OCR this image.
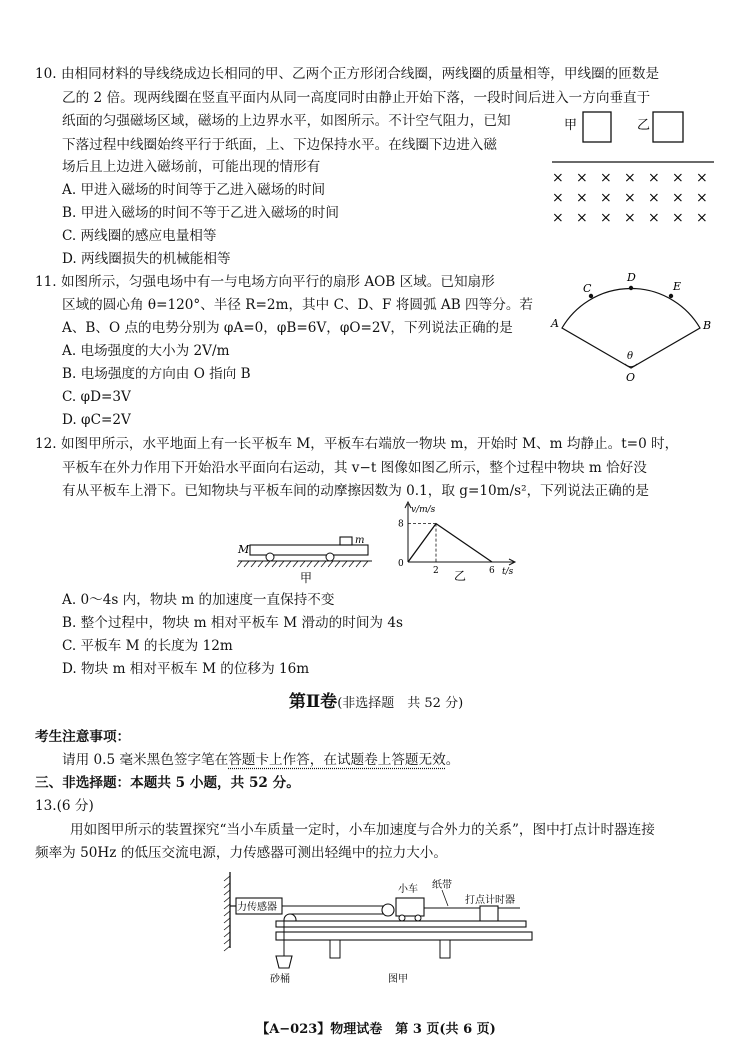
10. 由相同材料的导线绕成边长相同的甲、乙两个正方形闭合线圈，两线圈的质量相等，甲线圈的匝数是
乙的 2 倍。现两线圈在竖直平面内从同一高度同时由静止开始下落，一段时间后进入一方向垂直于
纸面的匀强磁场区域，磁场的上边界水平，如图所示。不计空气阻力，已知
下落过程中线圈始终平行于纸面，上、下边保持水平。在线圈下边进入磁
场后且上边进入磁场前，可能出现的情形有
A. 甲进入磁场的时间等于乙进入磁场的时间
B. 甲进入磁场的时间不等于乙进入磁场的时间
C. 两线圈的感应电量相等
D. 两线圈损失的机械能相等
甲	乙
× × × × × × ×
× × × × × × ×
× × × × × × ×
11. 如图所示，匀强电场中有一与电场方向平行的扇形 AOB 区域。已知扇形
区域的圆心角 θ=120°、半径 R=2m，其中 C、D、F 将圆弧 AB 四等分。若
A、B、O 点的电势分别为 φA=0，φB=6V，φO=2V，下列说法正确的是
A. 电场强度的大小为 2V/m
B. 电场强度的方向由 O 指向 B
C. φD=3V
D. φC=2V
A	B
C
D
E
θ
O
12. 如图甲所示，水平地面上有一长平板车 M，平板车右端放一物块 m，开始时 M、m 均静止。t=0 时，
平板车在外力作用下开始沿水平面向右运动，其 v−t 图像如图乙所示，整个过程中物块 m 恰好没
有从平板车上滑下。已知物块与平板车间的动摩擦因数为 0.1，取 g=10m/s²，下列说法正确的是
M
m
甲
v/m/s
t/s
0
乙
8
2	6
A. 0～4s 内，物块 m 的加速度一直保持不变
B. 整个过程中，物块 m 相对平板车 M 滑动的时间为 4s
C. 平板车 M 的长度为 12m
D. 物块 m 相对平板车 M 的位移为 16m
第Ⅱ卷(非选择题　共 52 分)
考生注意事项：
请用 0.5 毫米黑色签字笔在答题卡上作答，在试题卷上答题无效。
三、非选择题：本题共 5 小题，共 52 分。
13.(6 分)
用如图甲所示的装置探究“当小车质量一定时，小车加速度与合外力的关系”，图中打点计时器连接
频率为 50Hz 的低压交流电源，力传感器可测出轻绳中的拉力大小。
力传感器
小车 纸带
打点计时器
砂桶	图甲
【A−023】物理试卷　第 3 页(共 6 页)
